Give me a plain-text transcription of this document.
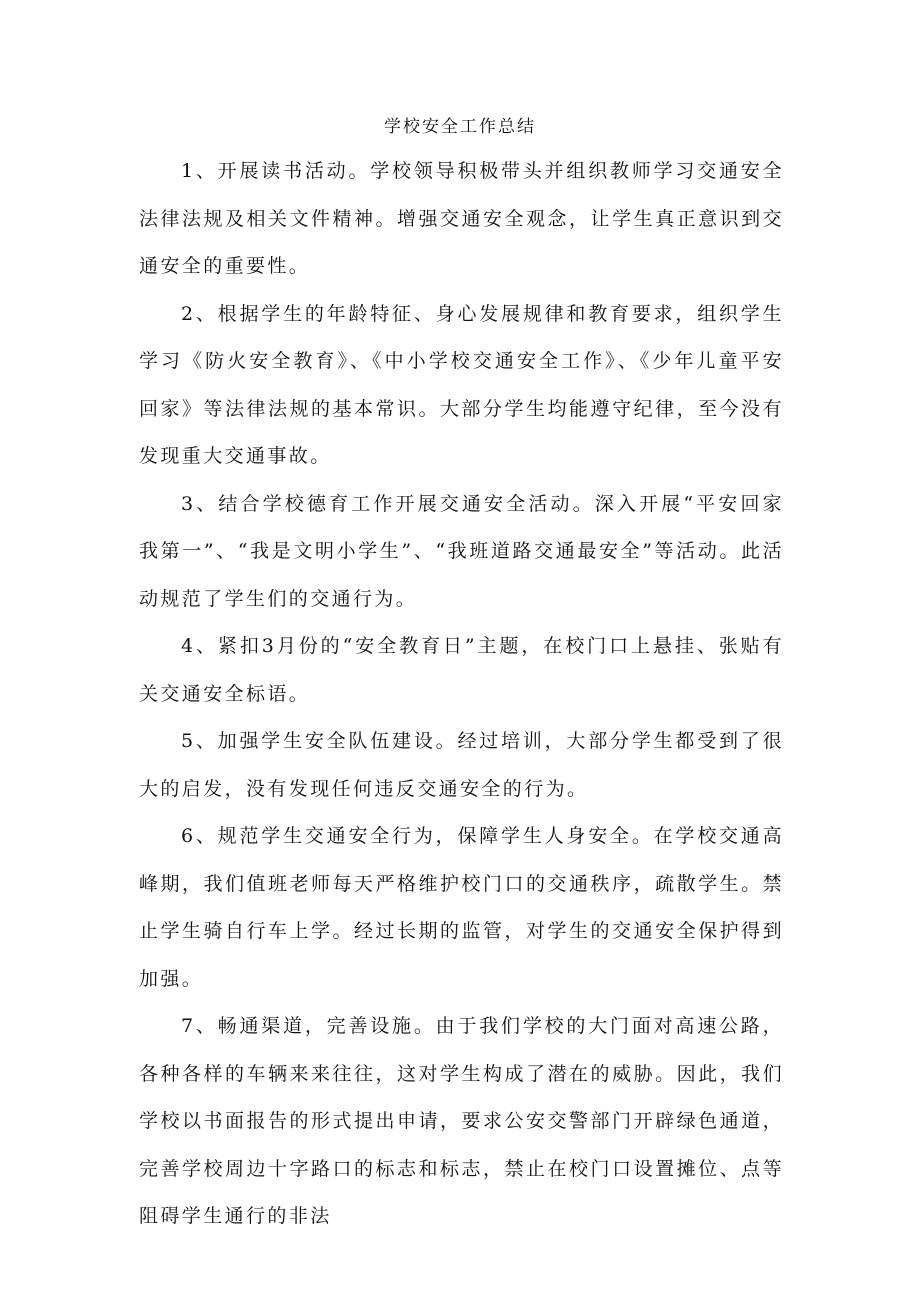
学校安全工作总结

1、开展读书活动。学校领导积极带头并组织教师学习交通安全法律法规及相关文件精神。增强交通安全观念，让学生真正意识到交通安全的重要性。

2、根据学生的年龄特征、身心发展规律和教育要求，组织学生学习《防火安全教育》、《中小学校交通安全工作》、《少年儿童平安回家》等法律法规的基本常识。大部分学生均能遵守纪律，至今没有发现重大交通事故。

3、结合学校德育工作开展交通安全活动。深入开展“平安回家我第一”、“我是文明小学生”、“我班道路交通最安全”等活动。此活动规范了学生们的交通行为。

4、紧扣3月份的“安全教育日”主题，在校门口上悬挂、张贴有关交通安全标语。

5、加强学生安全队伍建设。经过培训，大部分学生都受到了很大的启发，没有发现任何违反交通安全的行为。

6、规范学生交通安全行为，保障学生人身安全。在学校交通高峰期，我们值班老师每天严格维护校门口的交通秩序，疏散学生。禁止学生骑自行车上学。经过长期的监管，对学生的交通安全保护得到加强。

7、畅通渠道，完善设施。由于我们学校的大门面对高速公路，各种各样的车辆来来往往，这对学生构成了潜在的威胁。因此，我们学校以书面报告的形式提出申请，要求公安交警部门开辟绿色通道，完善学校周边十字路口的标志和标志，禁止在校门口设置摊位、点等阻碍学生通行的非法
